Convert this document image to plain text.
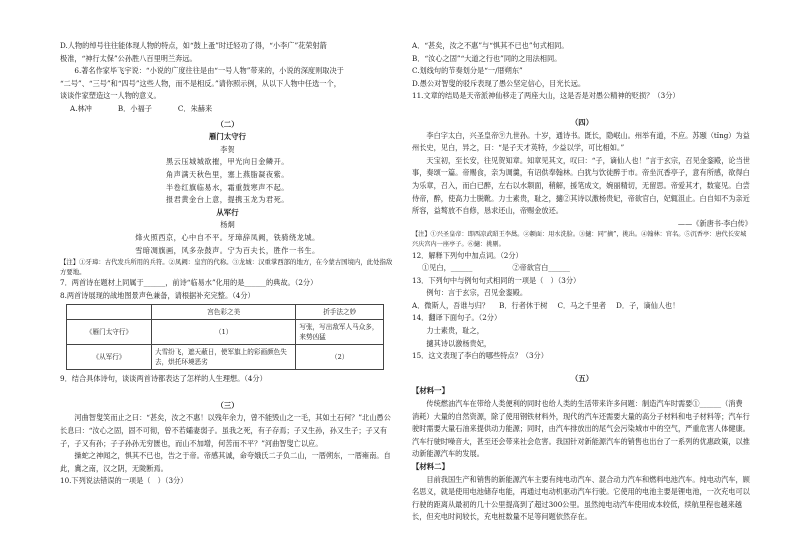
D.人物的绰号往往能体现人物的特点，如“鼓上蚤”时迁轻功了得，“小李广”花荣射箭

极准，“神行太保”公孙胜八百里明兰奔远。

6.著名作家毕飞宇说：“小说的广度往往是由“一号人物”带来的，小说的深度则取决于

“二号”、“三号”和“四号”这些人物，而不是相反。”请你照示例，从以下人物中任选一个，

谈谈作家塑造这一人物的意义。

A.林冲	B．小福子	C．朱赫来

（二）

雁门太守行

李贺

黑云压城城欲摧，甲光向日金鳞开。

角声满天秋色里，塞上燕脂凝夜紫。

半卷红旗临易水，霜重鼓寒声不起。

报君黄金台上意，提携玉龙为君死。

从军行

杨炯

烽火照西京，心中自不平。牙璋辞凤阙，铁骑绕龙城。

雪暗凋旗画，风多杂鼓声。宁为百夫长，胜作一书生。

【注】①牙璋：古代发兵所用的兵符。②凤阙：皇宫的代称。③龙城：汉重掌西部的地方，在今蒙古国境内，此处指敌方要地。

7．两首诗在题材上同属于______，前诗“临易水”化用的是______的典故。（2分）

8.两首诗展现的战地图景声色兼备，请根据补充完整。（4分）

	宫色彩之美	折手法之妙
《雁门太守行》	（1）	写张，写出敌军人马众多，来势凶猛
《从军行》	大雪纷飞，遮天蔽日，使军旗上的彩画颜色失去，烘托环境恶劣	（2）

9．结合具体诗句，谈谈两首诗都表达了怎样的人生理想。（4分）

（三）

河曲智叟笑而止之曰：“甚矣，汝之不惠！以残年余力，曾不能毁山之一毛，其如土石何？”北山愚公长息曰：“汝心之固，固不可彻，曾不若孀妻弱子。虽我之死，有子存焉；子又生孙，孙又生子；子又有子，子又有孙；子子孙孙无穷匮也，而山不加增，何苦而不平？”河曲智叟亡以应。

操蛇之神闻之，惧其不已也，告之于帝。帝感其诚，命夸娥氏二子负二山，一厝朔东，一厝雍南。自此，冀之南，汉之阴，无陇断焉。

10.下列说法错误的一项是（　）（3分）

A．“甚矣，汝之不惠”与“惧其不已也”句式相同。

B．“汝心之固”“大道之行也”同的之用法相同。

C.划线句的节奏划分是“一/厝朔东”

D.愚公对智叟的驳斥表现了愚公坚定信心，目光长远。

11.文章的结局是天帝派神仙移走了两座大山，这是否是对愚公精神的贬损？（3分）

（四）

李白字太白，兴圣皇帝⑨九世孙。十岁，通诗书。既长，隐岷山。州举有道，不应。苏颋（tǐng）为益州长史，见白，异之，曰：“是子天才英特，少益以学，可比相如。”

天宝初，至长安，往见贺知章。知章见其文，叹曰：“子，谪仙人也！”言于玄宗，召见金銮殿，论当世事，奏颂一篇。帝赐食，亲为调羹，有诏供奉翰林。白犹与饮徒醉于市。帝坐沉香亭子，意有所感，欲得白为乐章，召入，而白已醉，左右以水颒面，稍解，援笔成文，婉丽精切，无留思。帝爱其才，数宴见。白尝侍帝，醉，使高力士脱靴。力士素贵，耻之，擿②其诗以激杨贵妃，帝欲官白，妃辄沮止。白自知不为亲近所容，益骜放不自修，恳求还山，帝赐金放还。

——《新唐书·李白传》

【注】①兴圣皇帝：即西凉武昭王李暠。②颒面：用水洗脸。③擿：同“摘”，挑出。④翰林：官名。⑤沉香亭：唐代长安城兴庆宫内一座亭子。⑥擿：挑剔。

12．解释下列句中加点词。（2分）

①见白，______	②帝欲官白______

13．下列句中与例句句式相同的一项是（　）（3分）

例句：言于玄宗，召见金銮殿。

A．微斯人，吾谁与归？ B．行者休于树 C．马之千里者 D．子，谪仙人也！

14．翻译下面句子。（2分）

力士素贵，耻之，

擿其诗以激杨贵妃，

15．这文表现了李白的哪些特点？（3分）

（五）

【材料一】

传统燃油汽车在带给人类便利的同时也给人类的生活带来许多问题：制造汽车时需要①______（消费　消耗）大量的自然资源，除了使用钢铁材料外，现代的汽车还需要大量的高分子材料和电子材料等；汽车行驶时需要大量石油来提供动力能源；同时，由汽车排放出的尾气会污染城市中的空气，严重危害人体健康。汽车行驶时噪音大，甚至还会带来社会危害。我国针对新能源汽车的销售也出台了一系列的优惠政策，以推动新能源汽车的发展。

【材料二】

目前我国生产和销售的新能源汽车主要有纯电动汽车、混合动力汽车和燃料电池汽车。纯电动汽车，顾名思义，就是使用电池储存电能，再通过电动机驱动汽车行驶。它使用的电池主要是锂电池，一次充电可以行驶的距离从最初的几十公里提高到了超过300公里。虽然纯电动汽车使用成本较低，续航里程也越来越长，但充电时间较长，充电桩数量不足等问题依然存在。
